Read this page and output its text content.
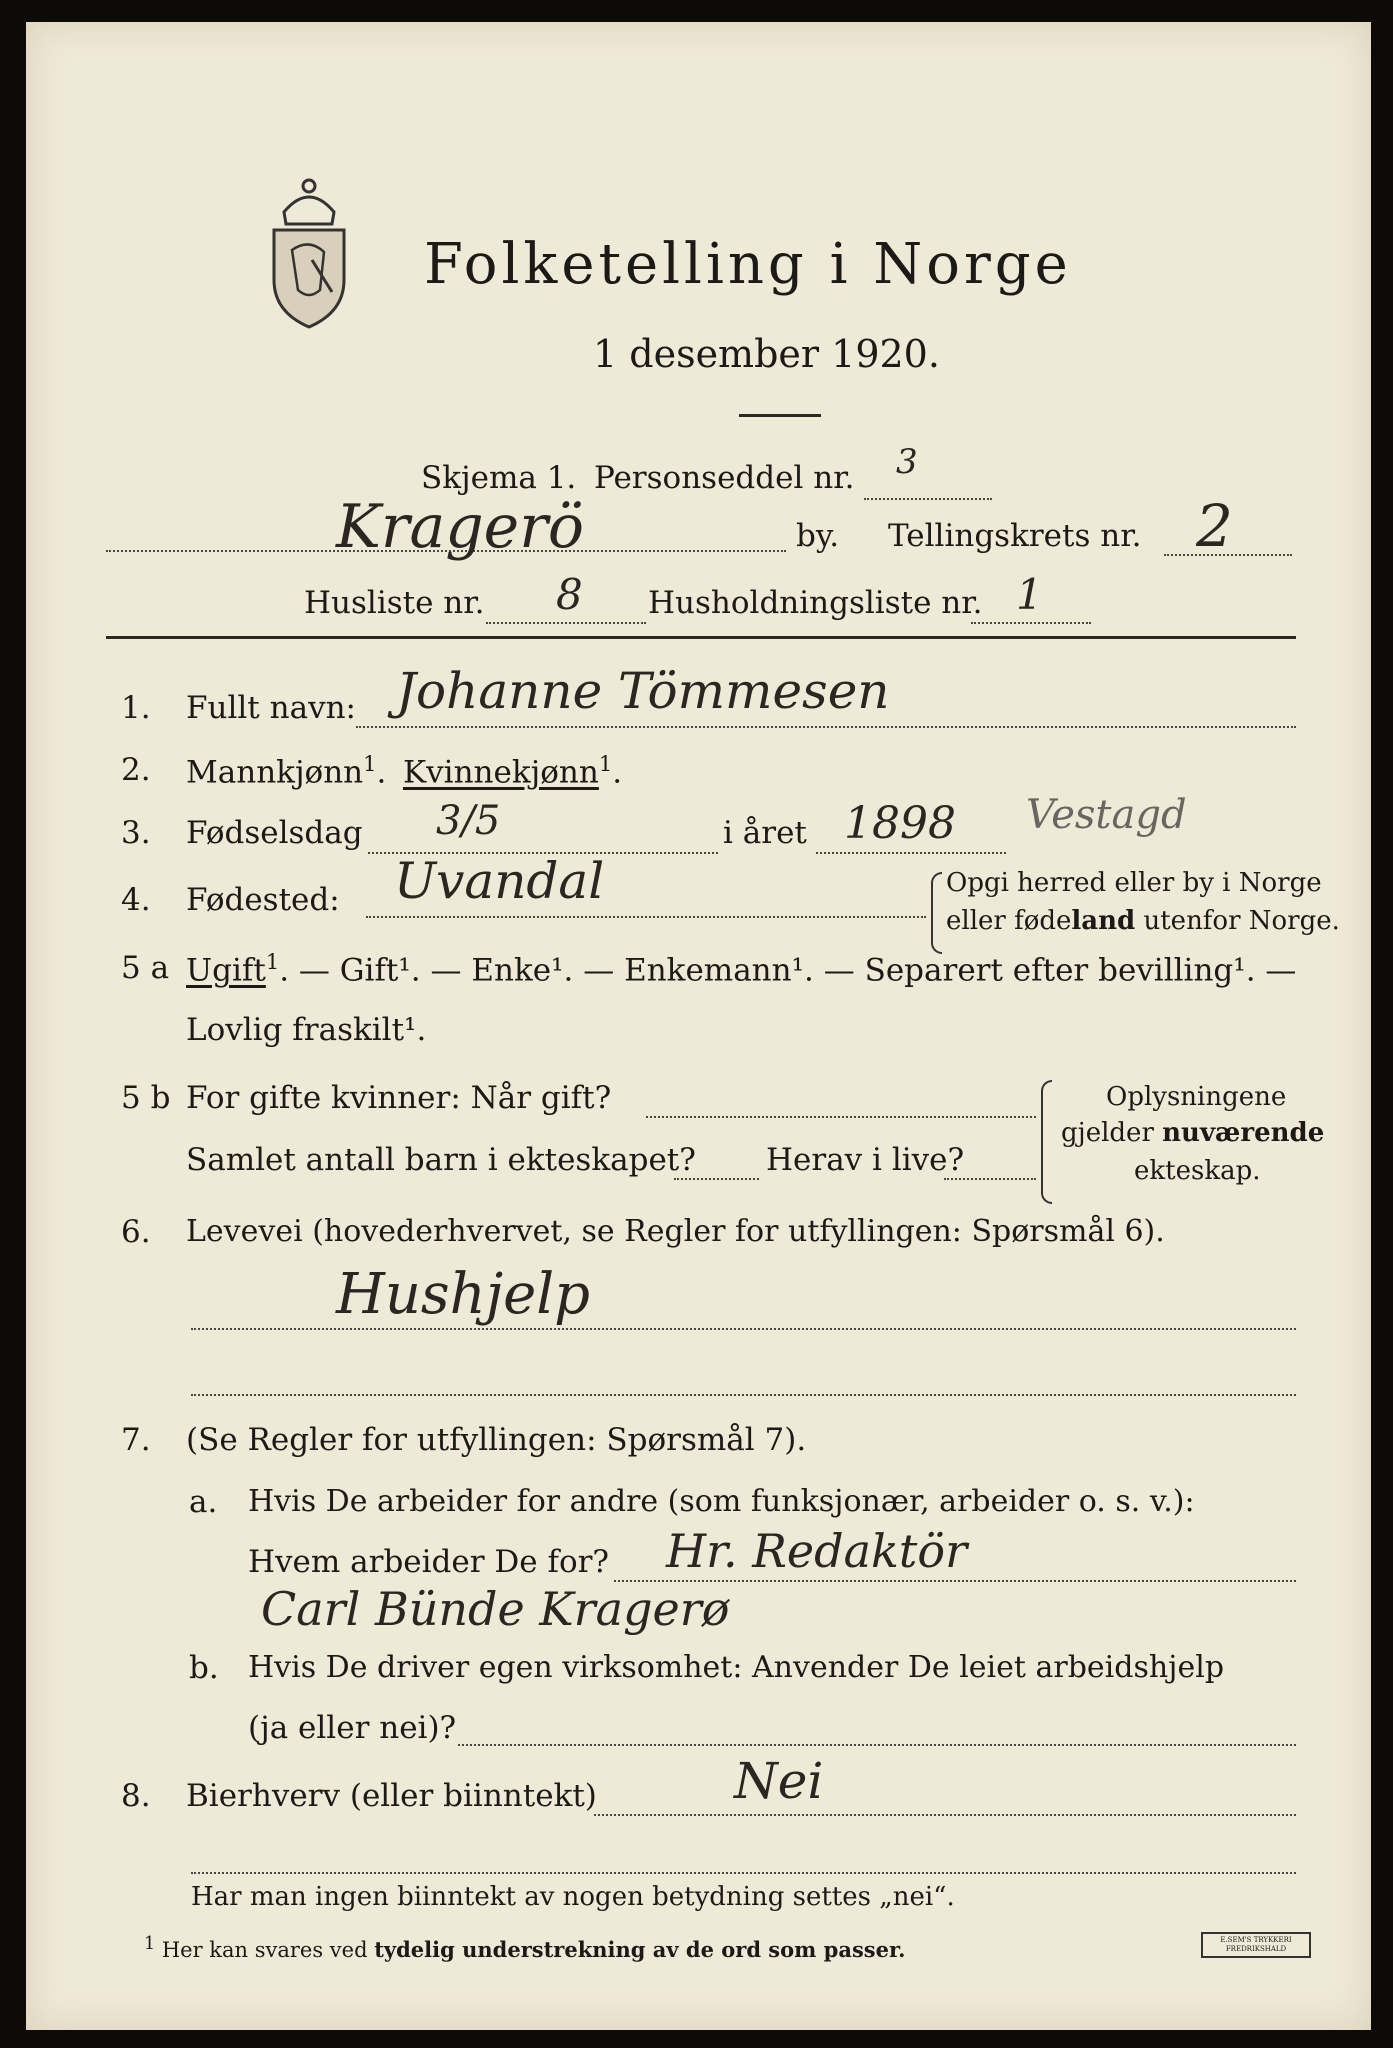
Folketelling i Norge
1 desember 1920.
Skjema 1. Personseddel nr. 3
Kragerö	by. Tellingskrets nr. 2
Husliste nr. 8 Husholdningsliste nr. 1
1. Fullt navn: Johanne Tömmesen
2. Mannkjønn$^1$. Kvinnekjønn$^1$.
3. Fødselsdag 3/5	i året 1898 Vestagd
4. Fødested: Uvandal	Opgi herred eller by i Norge
eller fødeland utenfor Norge.
5 a Ugift$^1$. — Gift¹. — Enke¹. — Enkemann¹. — Separert efter bevilling¹. —
Lovlig fraskilt¹.
5 b For gifte kvinner: Når gift?
Samlet antall barn i ekteskapet? Herav i live?
Oplysningene
gjelder nuværende
ekteskap.
6. Levevei (hovederhvervet, se Regler for utfyllingen: Spørsmål 6).
Hushjelp
7. (Se Regler for utfyllingen: Spørsmål 7).
a. Hvis De arbeider for andre (som funksjonær, arbeider o. s. v.):
Hvem arbeider De for? Hr. Redaktör
Carl Bünde Kragerø
b. Hvis De driver egen virksomhet: Anvender De leiet arbeidshjelp
(ja eller nei)?
8. Bierhverv (eller biinntekt)	Nei
Har man ingen biinntekt av nogen betydning settes „nei“.
$^1$ Her kan svares ved tydelig understrekning av de ord som passer.	E.SEM'S TRYKKERI FREDRIKSHALD
